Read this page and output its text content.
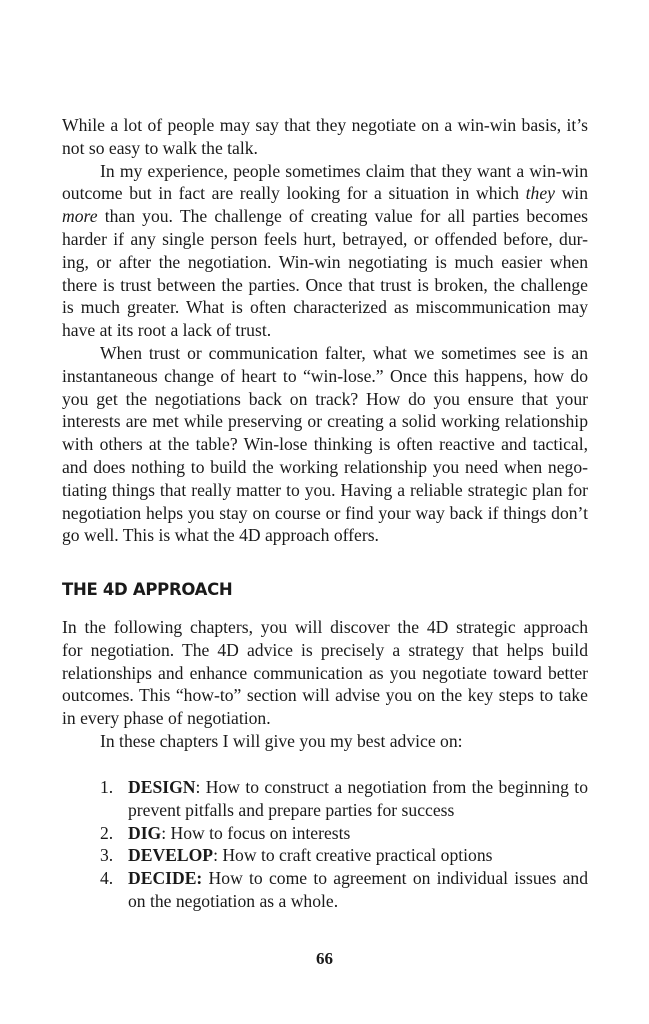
While a lot of people may say that they negotiate on a win-win basis, it’s
not so easy to walk the talk.
In my experience, people sometimes claim that they want a win-win
outcome but in fact are really looking for a situation in which they win
more than you. The challenge of creating value for all parties becomes
harder if any single person feels hurt, betrayed, or offended before, dur-
ing, or after the negotiation. Win-win negotiating is much easier when
there is trust between the parties. Once that trust is broken, the challenge
is much greater. What is often characterized as miscommunication may
have at its root a lack of trust.
When trust or communication falter, what we sometimes see is an
instantaneous change of heart to “win-lose.” Once this happens, how do
you get the negotiations back on track? How do you ensure that your
interests are met while preserving or creating a solid working relationship
with others at the table? Win-lose thinking is often reactive and tactical,
and does nothing to build the working relationship you need when nego-
tiating things that really matter to you. Having a reliable strategic plan for
negotiation helps you stay on course or find your way back if things don’t
go well. This is what the 4D approach offers.
THE 4D APPROACH
In the following chapters, you will discover the 4D strategic approach
for negotiation. The 4D advice is precisely a strategy that helps build
relationships and enhance communication as you negotiate toward better
outcomes. This “how-to” section will advise you on the key steps to take
in every phase of negotiation.
In these chapters I will give you my best advice on:
1. DESIGN: How to construct a negotiation from the beginning to
prevent pitfalls and prepare parties for success
2. DIG: How to focus on interests
3. DEVELOP: How to craft creative practical options
4. DECIDE: How to come to agreement on individual issues and
on the negotiation as a whole.
66
